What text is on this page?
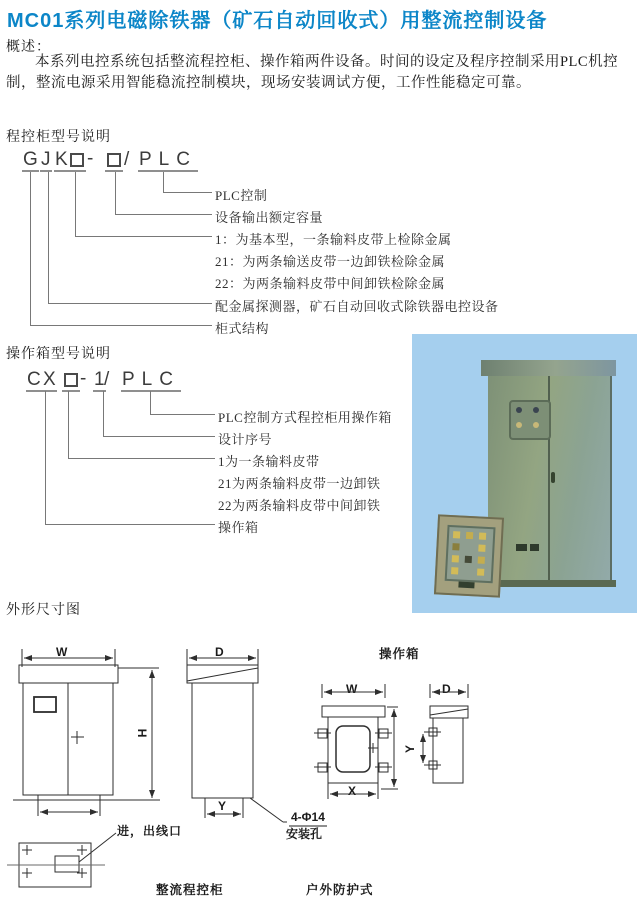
MC01系列电磁除铁器（矿石自动回收式）用整流控制设备
概述：
本系列电控系统包括整流程控柜、操作箱两件设备。时间的设定及程序控制采用PLC机控制，整流电源采用智能稳流控制模块，现场安装调试方便，工作性能稳定可靠。
程控柜型号说明
G J K - / PLC
PLC控制
设备输出额定容量
1：为基本型，一条输料皮带上检除金属
21：为两条输送皮带一边卸铁检除金属
22：为两条输料皮带中间卸铁检除金属
配金属探测器，矿石自动回收式除铁器电控设备
柜式结构
操作箱型号说明
C X - 1 / PLC
PLC控制方式程控柜用操作箱
设计序号
1为一条输料皮带
21为两条输料皮带一边卸铁
22为两条输料皮带中间卸铁
操作箱
外形尺寸图
操作箱
W
H
D
Y
W	D
X
Y
4-Φ14
安装孔
进，出线口
整流程控柜	户外防护式
